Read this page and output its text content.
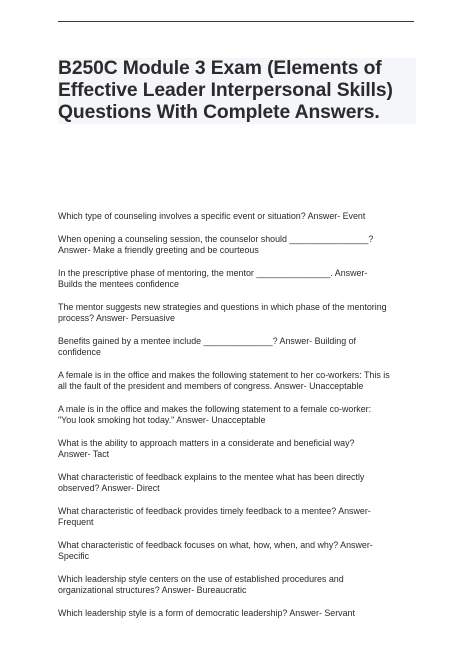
B250C Module 3 Exam (Elements of
Effective Leader Interpersonal Skills)
Questions With Complete Answers.

Which type of counseling involves a specific event or situation? Answer- Event

When opening a counseling session, the counselor should ________________?
Answer- Make a friendly greeting and be courteous

In the prescriptive phase of mentoring, the mentor _______________. Answer-
Builds the mentees confidence

The mentor suggests new strategies and questions in which phase of the mentoring
process? Answer- Persuasive

Benefits gained by a mentee include ______________? Answer- Building of
confidence

A female is in the office and makes the following statement to her co-workers: This is
all the fault of the president and members of congress. Answer- Unacceptable

A male is in the office and makes the following statement to a female co-worker:
"You look smoking hot today." Answer- Unacceptable

What is the ability to approach matters in a considerate and beneficial way?
Answer- Tact

What characteristic of feedback explains to the mentee what has been directly
observed? Answer- Direct

What characteristic of feedback provides timely feedback to a mentee? Answer-
Frequent

What characteristic of feedback focuses on what, how, when, and why? Answer-
Specific

Which leadership style centers on the use of established procedures and
organizational structures? Answer- Bureaucratic

Which leadership style is a form of democratic leadership? Answer- Servant
